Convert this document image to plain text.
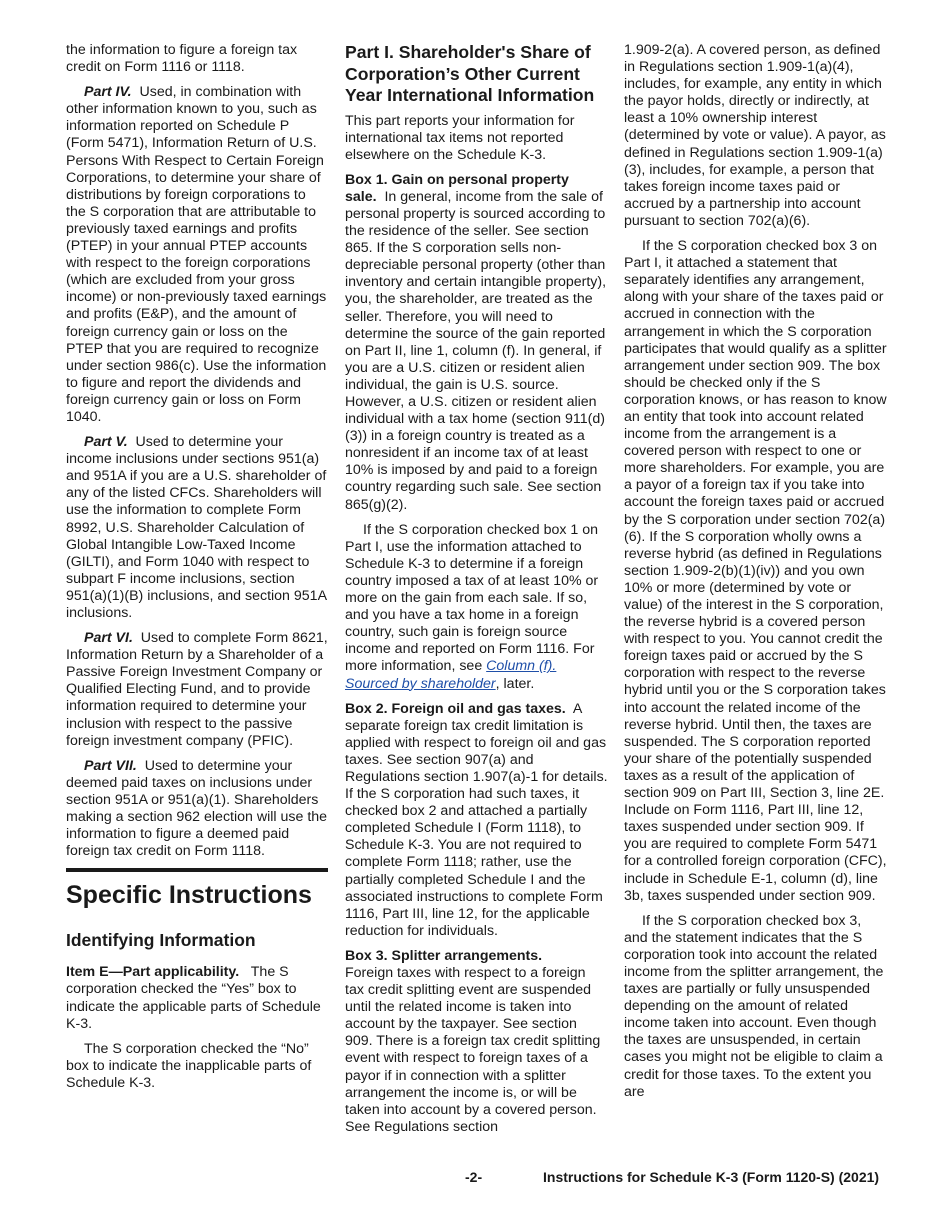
the information to figure a foreign tax credit on Form 1116 or 1118.

Part IV. Used, in combination with other information known to you, such as information reported on Schedule P (Form 5471), Information Return of U.S. Persons With Respect to Certain Foreign Corporations, to determine your share of distributions by foreign corporations to the S corporation that are attributable to previously taxed earnings and profits (PTEP) in your annual PTEP accounts with respect to the foreign corporations (which are excluded from your gross income) or non-previously taxed earnings and profits (E&P), and the amount of foreign currency gain or loss on the PTEP that you are required to recognize under section 986(c). Use the information to figure and report the dividends and foreign currency gain or loss on Form 1040.

Part V. Used to determine your income inclusions under sections 951(a) and 951A if you are a U.S. shareholder of any of the listed CFCs. Shareholders will use the information to complete Form 8992, U.S. Shareholder Calculation of Global Intangible Low-Taxed Income (GILTI), and Form 1040 with respect to subpart F income inclusions, section 951(a)(1)(B) inclusions, and section 951A inclusions.

Part VI. Used to complete Form 8621, Information Return by a Shareholder of a Passive Foreign Investment Company or Qualified Electing Fund, and to provide information required to determine your inclusion with respect to the passive foreign investment company (PFIC).

Part VII. Used to determine your deemed paid taxes on inclusions under section 951A or 951(a)(1). Shareholders making a section 962 election will use the information to figure a deemed paid foreign tax credit on Form 1118.

Specific Instructions
Identifying Information

Item E—Part applicability. The S corporation checked the “Yes” box to indicate the applicable parts of Schedule K-3.

The S corporation checked the “No” box to indicate the inapplicable parts of Schedule K-3.

Part I. Shareholder's Share of Corporation’s Other Current Year International Information

This part reports your information for international tax items not reported elsewhere on the Schedule K-3.

Box 1. Gain on personal property sale. In general, income from the sale of personal property is sourced according to the residence of the seller. See section 865. If the S corporation sells non-depreciable personal property (other than inventory and certain intangible property), you, the shareholder, are treated as the seller. Therefore, you will need to determine the source of the gain reported on Part II, line 1, column (f). In general, if you are a U.S. citizen or resident alien individual, the gain is U.S. source. However, a U.S. citizen or resident alien individual with a tax home (section 911(d)(3)) in a foreign country is treated as a nonresident if an income tax of at least 10% is imposed by and paid to a foreign country regarding such sale. See section 865(g)(2).

If the S corporation checked box 1 on Part I, use the information attached to Schedule K-3 to determine if a foreign country imposed a tax of at least 10% or more on the gain from each sale. If so, and you have a tax home in a foreign country, such gain is foreign source income and reported on Form 1116. For more information, see Column (f). Sourced by shareholder, later.

Box 2. Foreign oil and gas taxes. A separate foreign tax credit limitation is applied with respect to foreign oil and gas taxes. See section 907(a) and Regulations section 1.907(a)-1 for details. If the S corporation had such taxes, it checked box 2 and attached a partially completed Schedule I (Form 1118), to Schedule K-3. You are not required to complete Form 1118; rather, use the partially completed Schedule I and the associated instructions to complete Form 1116, Part III, line 12, for the applicable reduction for individuals.

Box 3. Splitter arrangements.
Foreign taxes with respect to a foreign tax credit splitting event are suspended until the related income is taken into account by the taxpayer. See section 909. There is a foreign tax credit splitting event with respect to foreign taxes of a payor if in connection with a splitter arrangement the income is, or will be taken into account by a covered person. See Regulations section

1.909-2(a). A covered person, as defined in Regulations section 1.909-1(a)(4), includes, for example, any entity in which the payor holds, directly or indirectly, at least a 10% ownership interest (determined by vote or value). A payor, as defined in Regulations section 1.909-1(a)(3), includes, for example, a person that takes foreign income taxes paid or accrued by a partnership into account pursuant to section 702(a)(6).

If the S corporation checked box 3 on Part I, it attached a statement that separately identifies any arrangement, along with your share of the taxes paid or accrued in connection with the arrangement in which the S corporation participates that would qualify as a splitter arrangement under section 909. The box should be checked only if the S corporation knows, or has reason to know an entity that took into account related income from the arrangement is a covered person with respect to one or more shareholders. For example, you are a payor of a foreign tax if you take into account the foreign taxes paid or accrued by the S corporation under section 702(a)(6). If the S corporation wholly owns a reverse hybrid (as defined in Regulations section 1.909-2(b)(1)(iv)) and you own 10% or more (determined by vote or value) of the interest in the S corporation, the reverse hybrid is a covered person with respect to you. You cannot credit the foreign taxes paid or accrued by the S corporation with respect to the reverse hybrid until you or the S corporation takes into account the related income of the reverse hybrid. Until then, the taxes are suspended. The S corporation reported your share of the potentially suspended taxes as a result of the application of section 909 on Part III, Section 3, line 2E. Include on Form 1116, Part III, line 12, taxes suspended under section 909. If you are required to complete Form 5471 for a controlled foreign corporation (CFC), include in Schedule E-1, column (d), line 3b, taxes suspended under section 909.

If the S corporation checked box 3, and the statement indicates that the S corporation took into account the related income from the splitter arrangement, the taxes are partially or fully unsuspended depending on the amount of related income taken into account. Even though the taxes are unsuspended, in certain cases you might not be eligible to claim a credit for those taxes. To the extent you are

-2-	Instructions for Schedule K-3 (Form 1120-S) (2021)
